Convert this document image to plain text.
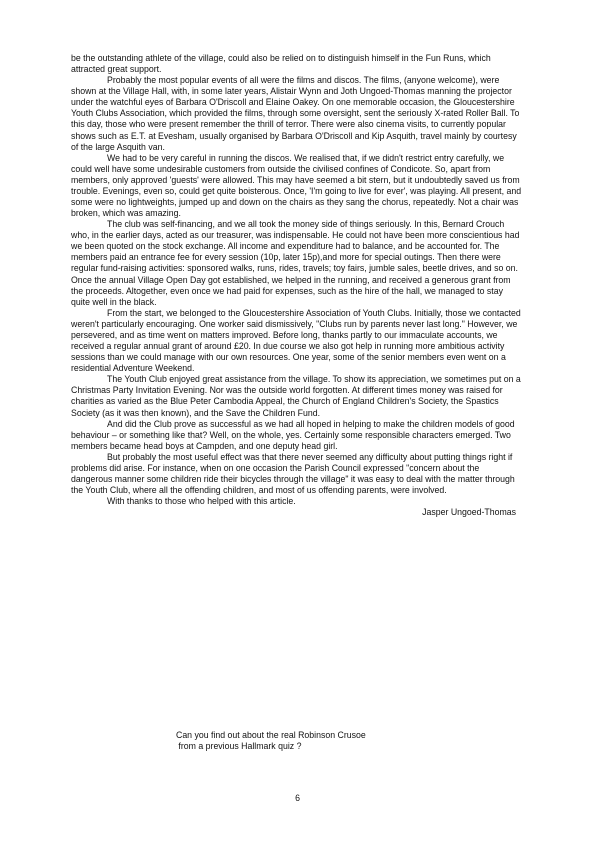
be the outstanding athlete of the village, could also be relied on to distinguish himself in the Fun Runs, which attracted great support.

Probably the most popular events of all were the films and discos. The films, (anyone welcome), were shown at the Village Hall, with, in some later years, Alistair Wynn and Joth Ungoed-Thomas manning the projector under the watchful eyes of Barbara O'Driscoll and Elaine Oakey. On one memorable occasion, the Gloucestershire Youth Clubs Association, which provided the films, through some oversight, sent the seriously X-rated Roller Ball. To this day, those who were present remember the thrill of terror. There were also cinema visits, to currently popular shows such as E.T. at Evesham, usually organised by Barbara O'Driscoll and Kip Asquith, travel mainly by courtesy of the large Asquith van.

We had to be very careful in running the discos. We realised that, if we didn't restrict entry carefully, we could well have some undesirable customers from outside the civilised confines of Condicote. So, apart from members, only approved 'guests' were allowed. This may have seemed a bit stern, but it undoubtedly saved us from trouble. Evenings, even so, could get quite boisterous. Once, 'I'm going to live for ever', was playing. All present, and some were no lightweights, jumped up and down on the chairs as they sang the chorus, repeatedly. Not a chair was broken, which was amazing.

The club was self-financing, and we all took the money side of things seriously. In this, Bernard Crouch who, in the earlier days, acted as our treasurer, was indispensable. He could not have been more conscientious had we been quoted on the stock exchange. All income and expenditure had to balance, and be accounted for. The members paid an entrance fee for every session (10p, later 15p),and more for special outings. Then there were regular fund-raising activities: sponsored walks, runs, rides, travels; toy fairs, jumble sales, beetle drives, and so on. Once the annual Village Open Day got established, we helped in the running, and received a generous grant from the proceeds. Altogether, even once we had paid for expenses, such as the hire of the hall, we managed to stay quite well in the black.

From the start, we belonged to the Gloucestershire Association of Youth Clubs. Initially, those we contacted weren't particularly encouraging. One worker said dismissively, "Clubs run by parents never last long." However, we persevered, and as time went on matters improved. Before long, thanks partly to our immaculate accounts, we received a regular annual grant of around £20. In due course we also got help in running more ambitious activity sessions than we could manage with our own resources. One year, some of the senior members even went on a residential Adventure Weekend.

The Youth Club enjoyed great assistance from the village. To show its appreciation, we sometimes put on a Christmas Party Invitation Evening. Nor was the outside world forgotten. At different times money was raised for charities as varied as the Blue Peter Cambodia Appeal, the Church of England Children's Society, the Spastics Society (as it was then known), and the Save the Children Fund.

And did the Club prove as successful as we had all hoped in helping to make the children models of good behaviour – or something like that? Well, on the whole, yes. Certainly some responsible characters emerged. Two members became head boys at Campden, and one deputy head girl.

But probably the most useful effect was that there never seemed any difficulty about putting things right if problems did arise. For instance, when on one occasion the Parish Council expressed "concern about the dangerous manner some children ride their bicycles through the village" it was easy to deal with the matter through the Youth Club, where all the offending children, and most of us offending parents, were involved.

With thanks to those who helped with this article.

Jasper Ungoed-Thomas

Can you find out about the real Robinson Crusoe
from a previous Hallmark quiz ?
6
